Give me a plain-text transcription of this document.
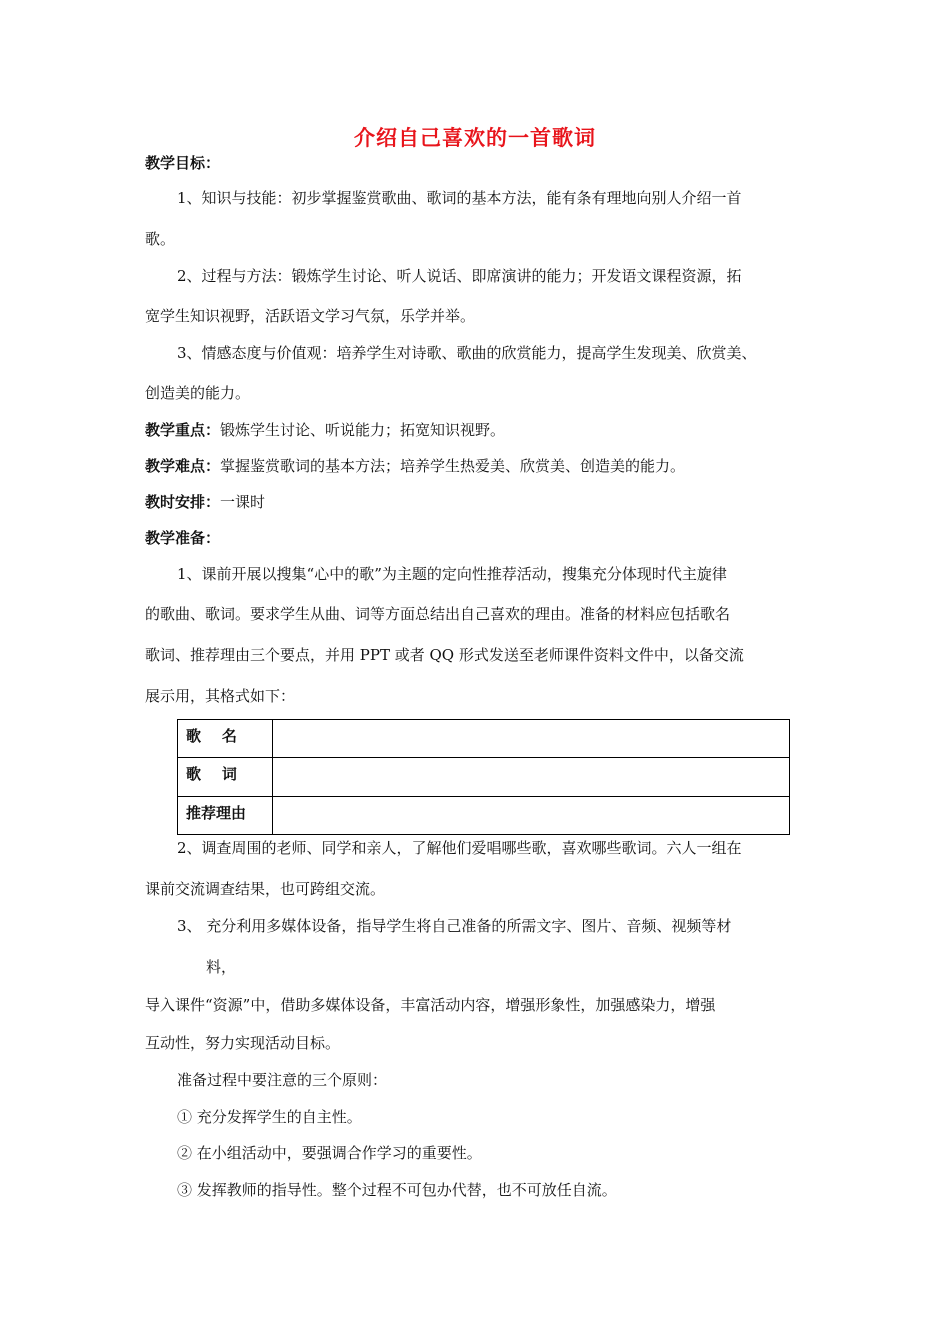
介绍自己喜欢的一首歌词
教学目标：
1、知识与技能：初步掌握鉴赏歌曲、歌词的基本方法，能有条有理地向别人介绍一首
歌。
2、过程与方法：锻炼学生讨论、听人说话、即席演讲的能力；开发语文课程资源，拓
宽学生知识视野，活跃语文学习气氛，乐学并举。
3、情感态度与价值观：培养学生对诗歌、歌曲的欣赏能力，提高学生发现美、欣赏美、
创造美的能力。
教学重点：锻炼学生讨论、听说能力；拓宽知识视野。
教学难点：掌握鉴赏歌词的基本方法；培养学生热爱美、欣赏美、创造美的能力。
教时安排：一课时
教学准备：
1、课前开展以搜集“心中的歌”为主题的定向性推荐活动，搜集充分体现时代主旋律
的歌曲、歌词。要求学生从曲、词等方面总结出自己喜欢的理由。准备的材料应包括歌名
歌词、推荐理由三个要点，并用 PPT 或者 QQ 形式发送至老师课件资料文件中，以备交流
展示用，其格式如下：
歌    名	
歌    词	
推荐理由	
2、调查周围的老师、同学和亲人，了解他们爱唱哪些歌，喜欢哪些歌词。六人一组在
课前交流调查结果，也可跨组交流。
3、 充分利用多媒体设备，指导学生将自己准备的所需文字、图片、音频、视频等材
料，
导入课件“资源”中，借助多媒体设备，丰富活动内容，增强形象性，加强感染力，增强
互动性，努力实现活动目标。
准备过程中要注意的三个原则：
① 充分发挥学生的自主性。
② 在小组活动中，要强调合作学习的重要性。
③ 发挥教师的指导性。整个过程不可包办代替，也不可放任自流。
